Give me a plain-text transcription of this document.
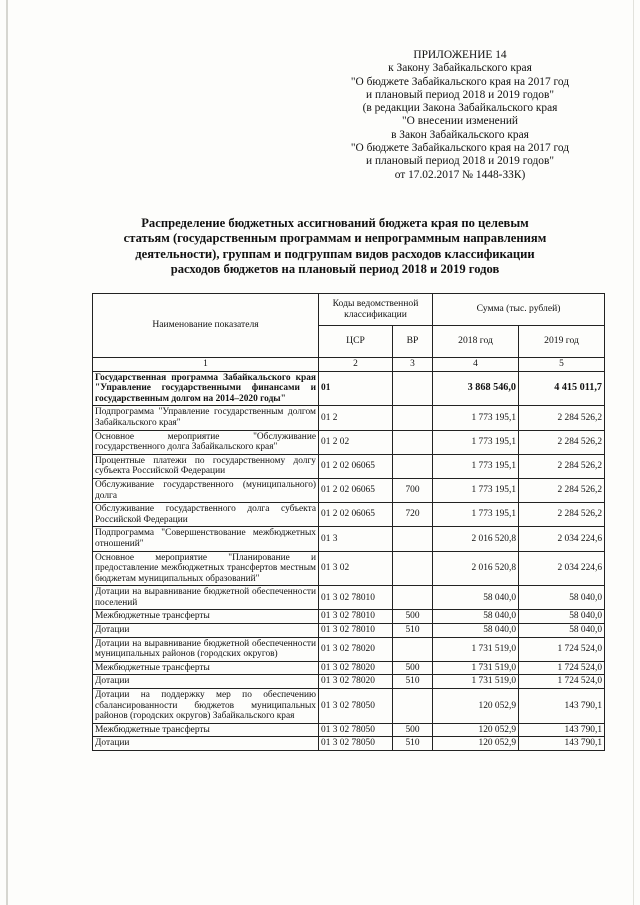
ПРИЛОЖЕНИЕ 14
к Закону Забайкальского края
"О бюджете Забайкальского края на 2017 год
и плановый период 2018 и 2019 годов"
(в редакции Закона Забайкальского края
"О внесении изменений
в Закон Забайкальского края
"О бюджете Забайкальского края на 2017 год
и плановый период 2018 и 2019 годов"
от 17.02.2017 № 1448-ЗЗК)
Распределение бюджетных ассигнований бюджета края по целевым
статьям (государственным программам и непрограммным направлениям
деятельности), группам и подгруппам видов расходов классификации
расходов бюджетов на плановый период 2018 и 2019 годов
Наименование показателя	Коды ведомственной классификации		Сумма (тыс. рублей)	
	ЦСР	ВР	2018 год	2019 год
1	2	3	4	5
Государственная программа Забайкальского края "Управление государственными финансами и государственным долгом на 2014–2020 годы"	01		3 868 546,0	4 415 011,7
Подпрограмма "Управление государственным долгом Забайкальского края"	01 2		1 773 195,1	2 284 526,2
Основное мероприятие "Обслуживание государственного долга Забайкальского края"	01 2 02		1 773 195,1	2 284 526,2
Процентные платежи по государственному долгу субъекта Российской Федерации	01 2 02 06065		1 773 195,1	2 284 526,2
Обслуживание государственного (муниципального) долга	01 2 02 06065	700	1 773 195,1	2 284 526,2
Обслуживание государственного долга субъекта Российской Федерации	01 2 02 06065	720	1 773 195,1	2 284 526,2
Подпрограмма "Совершенствование межбюджетных отношений"	01 3		2 016 520,8	2 034 224,6
Основное мероприятие "Планирование и предоставление межбюджетных трансфертов местным бюджетам муниципальных образований"	01 3 02		2 016 520,8	2 034 224,6
Дотации на выравнивание бюджетной обеспеченности поселений	01 3 02 78010		58 040,0	58 040,0
Межбюджетные трансферты	01 3 02 78010	500	58 040,0	58 040,0
Дотации	01 3 02 78010	510	58 040,0	58 040,0
Дотации на выравнивание бюджетной обеспеченности муниципальных районов (городских округов)	01 3 02 78020		1 731 519,0	1 724 524,0
Межбюджетные трансферты	01 3 02 78020	500	1 731 519,0	1 724 524,0
Дотации	01 3 02 78020	510	1 731 519,0	1 724 524,0
Дотации на поддержку мер по обеспечению сбалансированности бюджетов муниципальных районов (городских округов) Забайкальского края	01 3 02 78050		120 052,9	143 790,1
Межбюджетные трансферты	01 3 02 78050	500	120 052,9	143 790,1
Дотации	01 3 02 78050	510	120 052,9	143 790,1
